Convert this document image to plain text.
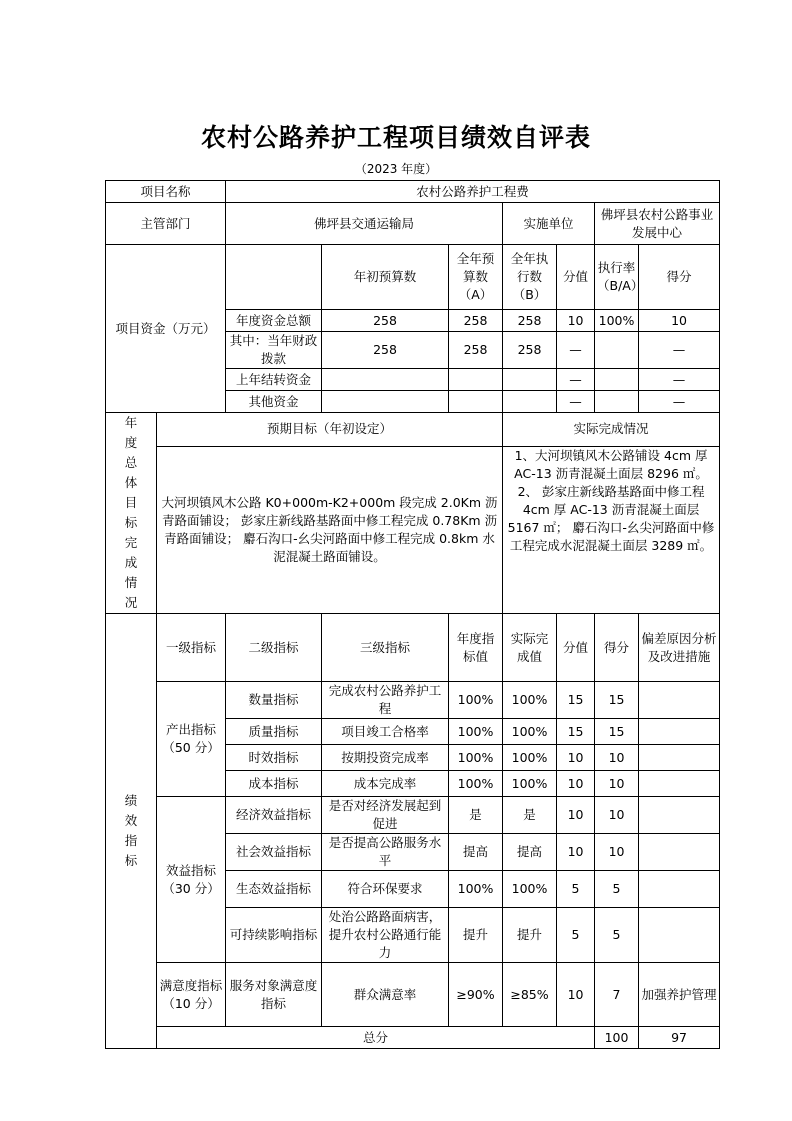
农村公路养护工程项目绩效自评表
（2023 年度）
项目名称		农村公路养护工程费							
主管部门		佛坪县交通运输局			实施单位		佛坪县农村公路事业发展中心		
项目资金（万元）			年初预算数	全年预算数（A）	全年执行数（B）	分值	执行率（B/A）	得分	
		年度资金总额	258	258	258	10	100%	10	
		其中：当年财政拨款	258	258	258	—		—	
		上年结转资金				—		—	
		其他资金				—		—	
年度总体目标完成情况	预期目标（年初设定）				实际完成情况				
	大河坝镇风木公路 K0+000m-K2+000m 段完成 2.0Km 沥青路面铺设； 彭家庄新线路基路面中修工程完成 0.78Km 沥青路面铺设； 麝石沟口-幺尖河路面中修工程完成 0.8km 水泥混凝土路面铺设。				1、大河坝镇风木公路铺设 4cm 厚 AC-13 沥青混凝土面层 8296 ㎡。2、 彭家庄新线路基路面中修工程 4cm 厚 AC-13 沥青混凝土面层 5167 ㎡； 麝石沟口-幺尖河路面中修工程完成水泥混凝土面层 3289 ㎡。				
绩效指标	一级指标	二级指标	三级指标	年度指标值	实际完成值	分值	得分	偏差原因分析及改进措施	
	产出指标（50 分）	数量指标	完成农村公路养护工程	100%	100%	15	15		
		质量指标	项目竣工合格率	100%	100%	15	15		
		时效指标	按期投资完成率	100%	100%	10	10		
		成本指标	成本完成率	100%	100%	10	10		
	效益指标（30 分）	经济效益指标	是否对经济发展起到促进	是	是	10	10		
		社会效益指标	是否提高公路服务水平	提高	提高	10	10		
		生态效益指标	符合环保要求	100%	100%	5	5		
		可持续影响指标	处治公路路面病害，提升农村公路通行能力	提升	提升	5	5		
	满意度指标（10 分）	服务对象满意度指标	群众满意率	≥90%	≥85%	10	7	加强养护管理	
	总分						100	97	
